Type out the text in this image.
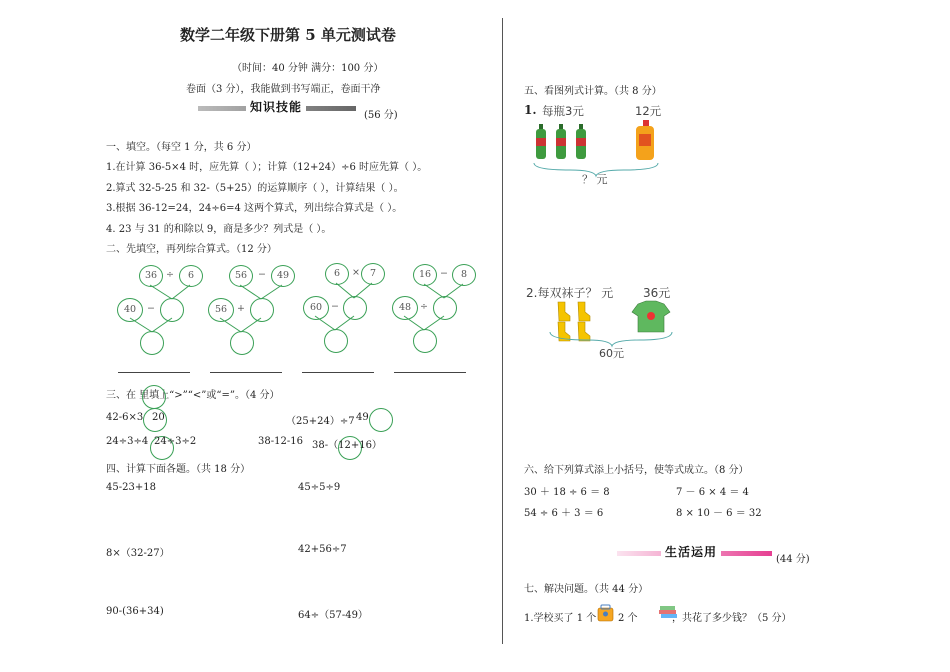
数学二年级下册第 5 单元测试卷
（时间：40 分钟 满分：100 分）
卷面（3 分），我能做到书写端正，卷面干净
知识技能
(56 分)
一、填空。（每空 1 分，共 6 分）
1.在计算 36-5×4 时，应先算（ ）；计算（12+24）÷6 时应先算（ ）。
2.算式 32-5-25 和 32-（5+25）的运算顺序（ ），计算结果（ ）。
3.根据 36-12=24，24÷6=4 这两个算式，列出综合算式是（ ）。
4. 23 与 31 的和除以 9，商是多少？列式是（ ）。
二、先填空，再列综合算式。（12 分）
36 ÷	6
40	−
56	−	49
56	+
6	×	7
60 −
16 −	8
48 ÷
三、在 里填上“>”“<”或“=”。（4 分）
42-6×3 20	（25+24）÷7 49
24÷3÷4 24÷3÷2	38-12-16 38-（12+16）
四、计算下面各题。（共 18 分）
45-23+18	45÷5÷9
8×（32-27）	42+56÷7
90-(36+34)	64÷（57-49）
五、看图列式计算。（共 8 分）
1. 每瓶3元	12元
？ 元
2.每双袜子？ 元 36元
60元
六、给下列算式添上小括号，使等式成立。（8 分）
30 ＋ 18 ÷ 6 ＝ 8	7 － 6 × 4 ＝ 4
54 ÷ 6 ＋ 3 ＝ 6	8 × 10 － 6 ＝ 32
生活运用
(44 分)
七、解决问题。（共 44 分）
1.学校买了 1 个 2 个	，共花了多少钱？（5 分）
